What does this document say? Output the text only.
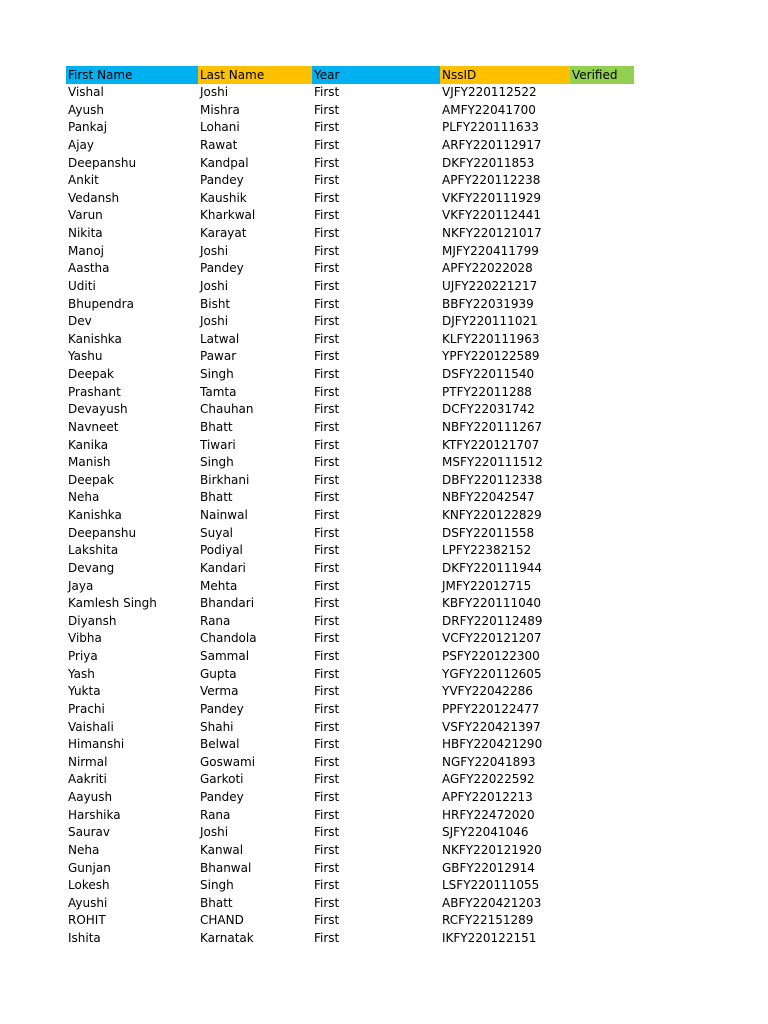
First Name	Last Name	Year	NssID	Verified
Vishal	Joshi	First	VJFY220112522
Ayush	Mishra	First	AMFY22041700
Pankaj	Lohani	First	PLFY220111633
Ajay	Rawat	First	ARFY220112917
Deepanshu	Kandpal	First	DKFY22011853
Ankit	Pandey	First	APFY220112238
Vedansh	Kaushik	First	VKFY220111929
Varun	Kharkwal	First	VKFY220112441
Nikita	Karayat	First	NKFY220121017
Manoj	Joshi	First	MJFY220411799
Aastha	Pandey	First	APFY22022028
Uditi	Joshi	First	UJFY220221217
Bhupendra	Bisht	First	BBFY22031939
Dev	Joshi	First	DJFY220111021
Kanishka	Latwal	First	KLFY220111963
Yashu	Pawar	First	YPFY220122589
Deepak	Singh	First	DSFY22011540
Prashant	Tamta	First	PTFY22011288
Devayush	Chauhan	First	DCFY22031742
Navneet	Bhatt	First	NBFY220111267
Kanika	Tiwari	First	KTFY220121707
Manish	Singh	First	MSFY220111512
Deepak	Birkhani	First	DBFY220112338
Neha	Bhatt	First	NBFY22042547
Kanishka	Nainwal	First	KNFY220122829
Deepanshu	Suyal	First	DSFY22011558
Lakshita	Podiyal	First	LPFY22382152
Devang	Kandari	First	DKFY220111944
Jaya	Mehta	First	JMFY22012715
Kamlesh Singh	Bhandari	First	KBFY220111040
Diyansh	Rana	First	DRFY220112489
Vibha	Chandola	First	VCFY220121207
Priya	Sammal	First	PSFY220122300
Yash	Gupta	First	YGFY220112605
Yukta	Verma	First	YVFY22042286
Prachi	Pandey	First	PPFY220122477
Vaishali	Shahi	First	VSFY220421397
Himanshi	Belwal	First	HBFY220421290
Nirmal	Goswami	First	NGFY22041893
Aakriti	Garkoti	First	AGFY22022592
Aayush	Pandey	First	APFY22012213
Harshika	Rana	First	HRFY22472020
Saurav	Joshi	First	SJFY22041046
Neha	Kanwal	First	NKFY220121920
Gunjan	Bhanwal	First	GBFY22012914
Lokesh	Singh	First	LSFY220111055
Ayushi	Bhatt	First	ABFY220421203
ROHIT	CHAND	First	RCFY22151289
Ishita	Karnatak	First	IKFY220122151
